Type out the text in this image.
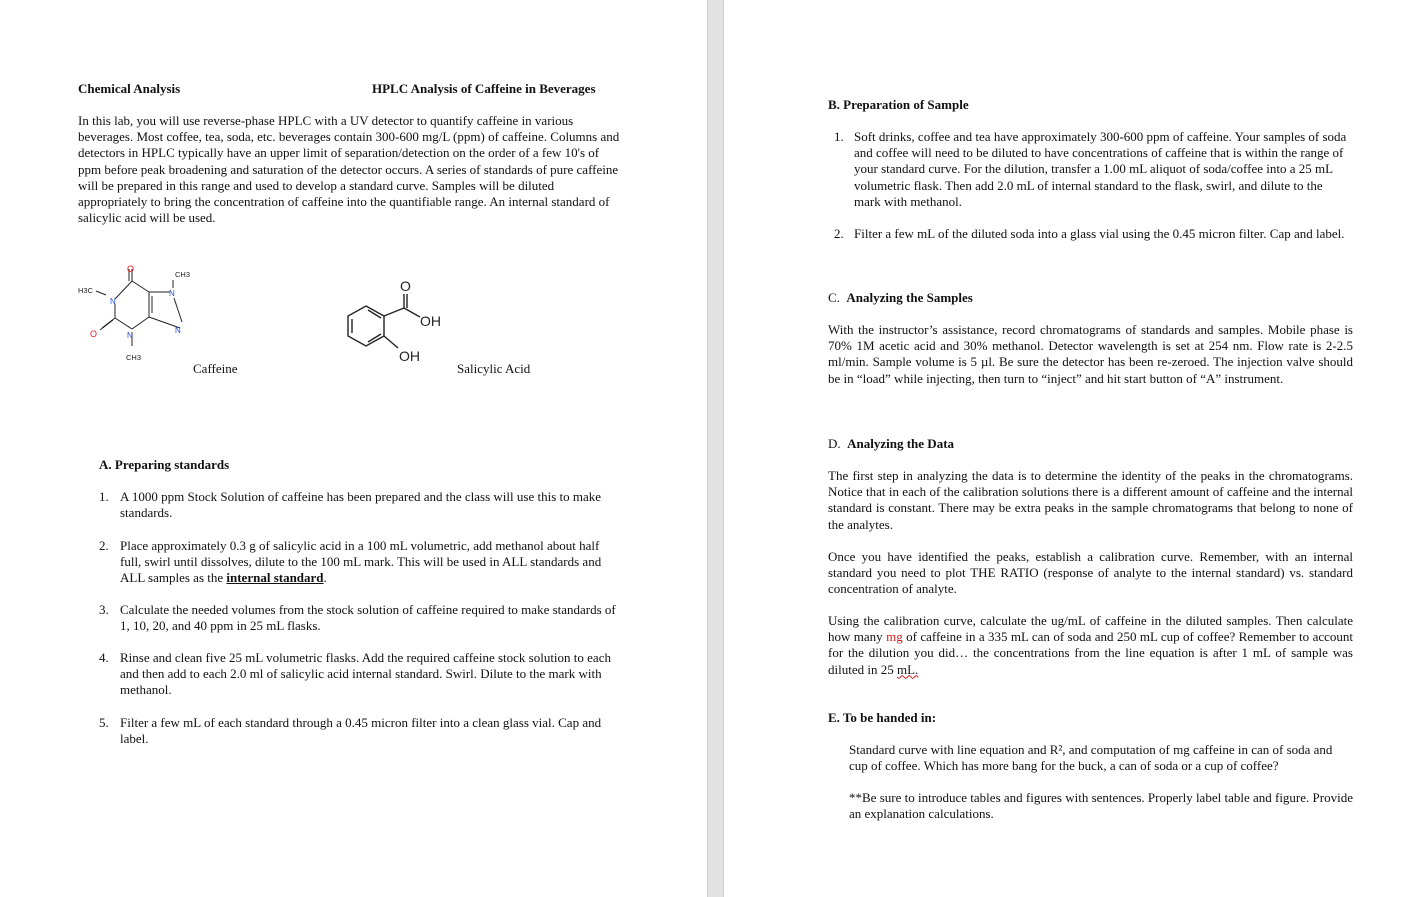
Chemical Analysis	HPLC Analysis of Caffeine in Beverages
In this lab, you will use reverse-phase HPLC with a UV detector to quantify caffeine in various beverages. Most coffee, tea, soda, etc. beverages contain 300-600 mg/L (ppm) of caffeine. Columns and detectors in HPLC typically have an upper limit of separation/detection on the order of a few 10's of ppm before peak broadening and saturation of the detector occurs. A series of standards of pure caffeine will be prepared in this range and used to develop a standard curve. Samples will be diluted appropriately to bring the concentration of caffeine into the quantifiable range. An internal standard of salicylic acid will be used.
O
O
N
N
N
N
H3C
CH3
CH3
O
OH
OH
Caffeine	Salicylic Acid
A. Preparing standards
1. A 1000 ppm Stock Solution of caffeine has been prepared and the class will use this to make standards.
2. Place approximately 0.3 g of salicylic acid in a 100 mL volumetric, add methanol about half full, swirl until dissolves, dilute to the 100 mL mark. This will be used in ALL standards and ALL samples as the internal standard.
3. Calculate the needed volumes from the stock solution of caffeine required to make standards of 1, 10, 20, and 40 ppm in 25 mL flasks.
4. Rinse and clean five 25 mL volumetric flasks. Add the required caffeine stock solution to each and then add to each 2.0 ml of salicylic acid internal standard. Swirl. Dilute to the mark with methanol.
5. Filter a few mL of each standard through a 0.45 micron filter into a clean glass vial. Cap and label.
B. Preparation of Sample
1. Soft drinks, coffee and tea have approximately 300-600 ppm of caffeine. Your samples of soda and coffee will need to be diluted to have concentrations of caffeine that is within the range of your standard curve. For the dilution, transfer a 1.00 mL aliquot of soda/coffee into a 25 mL volumetric flask. Then add 2.0 mL of internal standard to the flask, swirl, and dilute to the mark with methanol.
2. Filter a few mL of the diluted soda into a glass vial using the 0.45 micron filter. Cap and label.
C. Analyzing the Samples
With the instructor’s assistance, record chromatograms of standards and samples. Mobile phase is 70% 1M acetic acid and 30% methanol. Detector wavelength is set at 254 nm. Flow rate is 2-2.5 ml/min. Sample volume is 5 µl. Be sure the detector has been re-zeroed. The injection valve should be in “load” while injecting, then turn to “inject” and hit start button of “A” instrument.
D. Analyzing the Data
The first step in analyzing the data is to determine the identity of the peaks in the chromatograms. Notice that in each of the calibration solutions there is a different amount of caffeine and the internal standard is constant. There may be extra peaks in the sample chromatograms that belong to none of the analytes.
Once you have identified the peaks, establish a calibration curve. Remember, with an internal standard you need to plot THE RATIO (response of analyte to the internal standard) vs. standard concentration of analyte.
Using the calibration curve, calculate the ug/mL of caffeine in the diluted samples. Then calculate how many mg of caffeine in a 335 mL can of soda and 250 mL cup of coffee? Remember to account for the dilution you did… the concentrations from the line equation is after 1 mL of sample was diluted in 25 mL.
E. To be handed in:
Standard curve with line equation and R², and computation of mg caffeine in can of soda and cup of coffee. Which has more bang for the buck, a can of soda or a cup of coffee?
**Be sure to introduce tables and figures with sentences. Properly label table and figure. Provide an explanation calculations.
